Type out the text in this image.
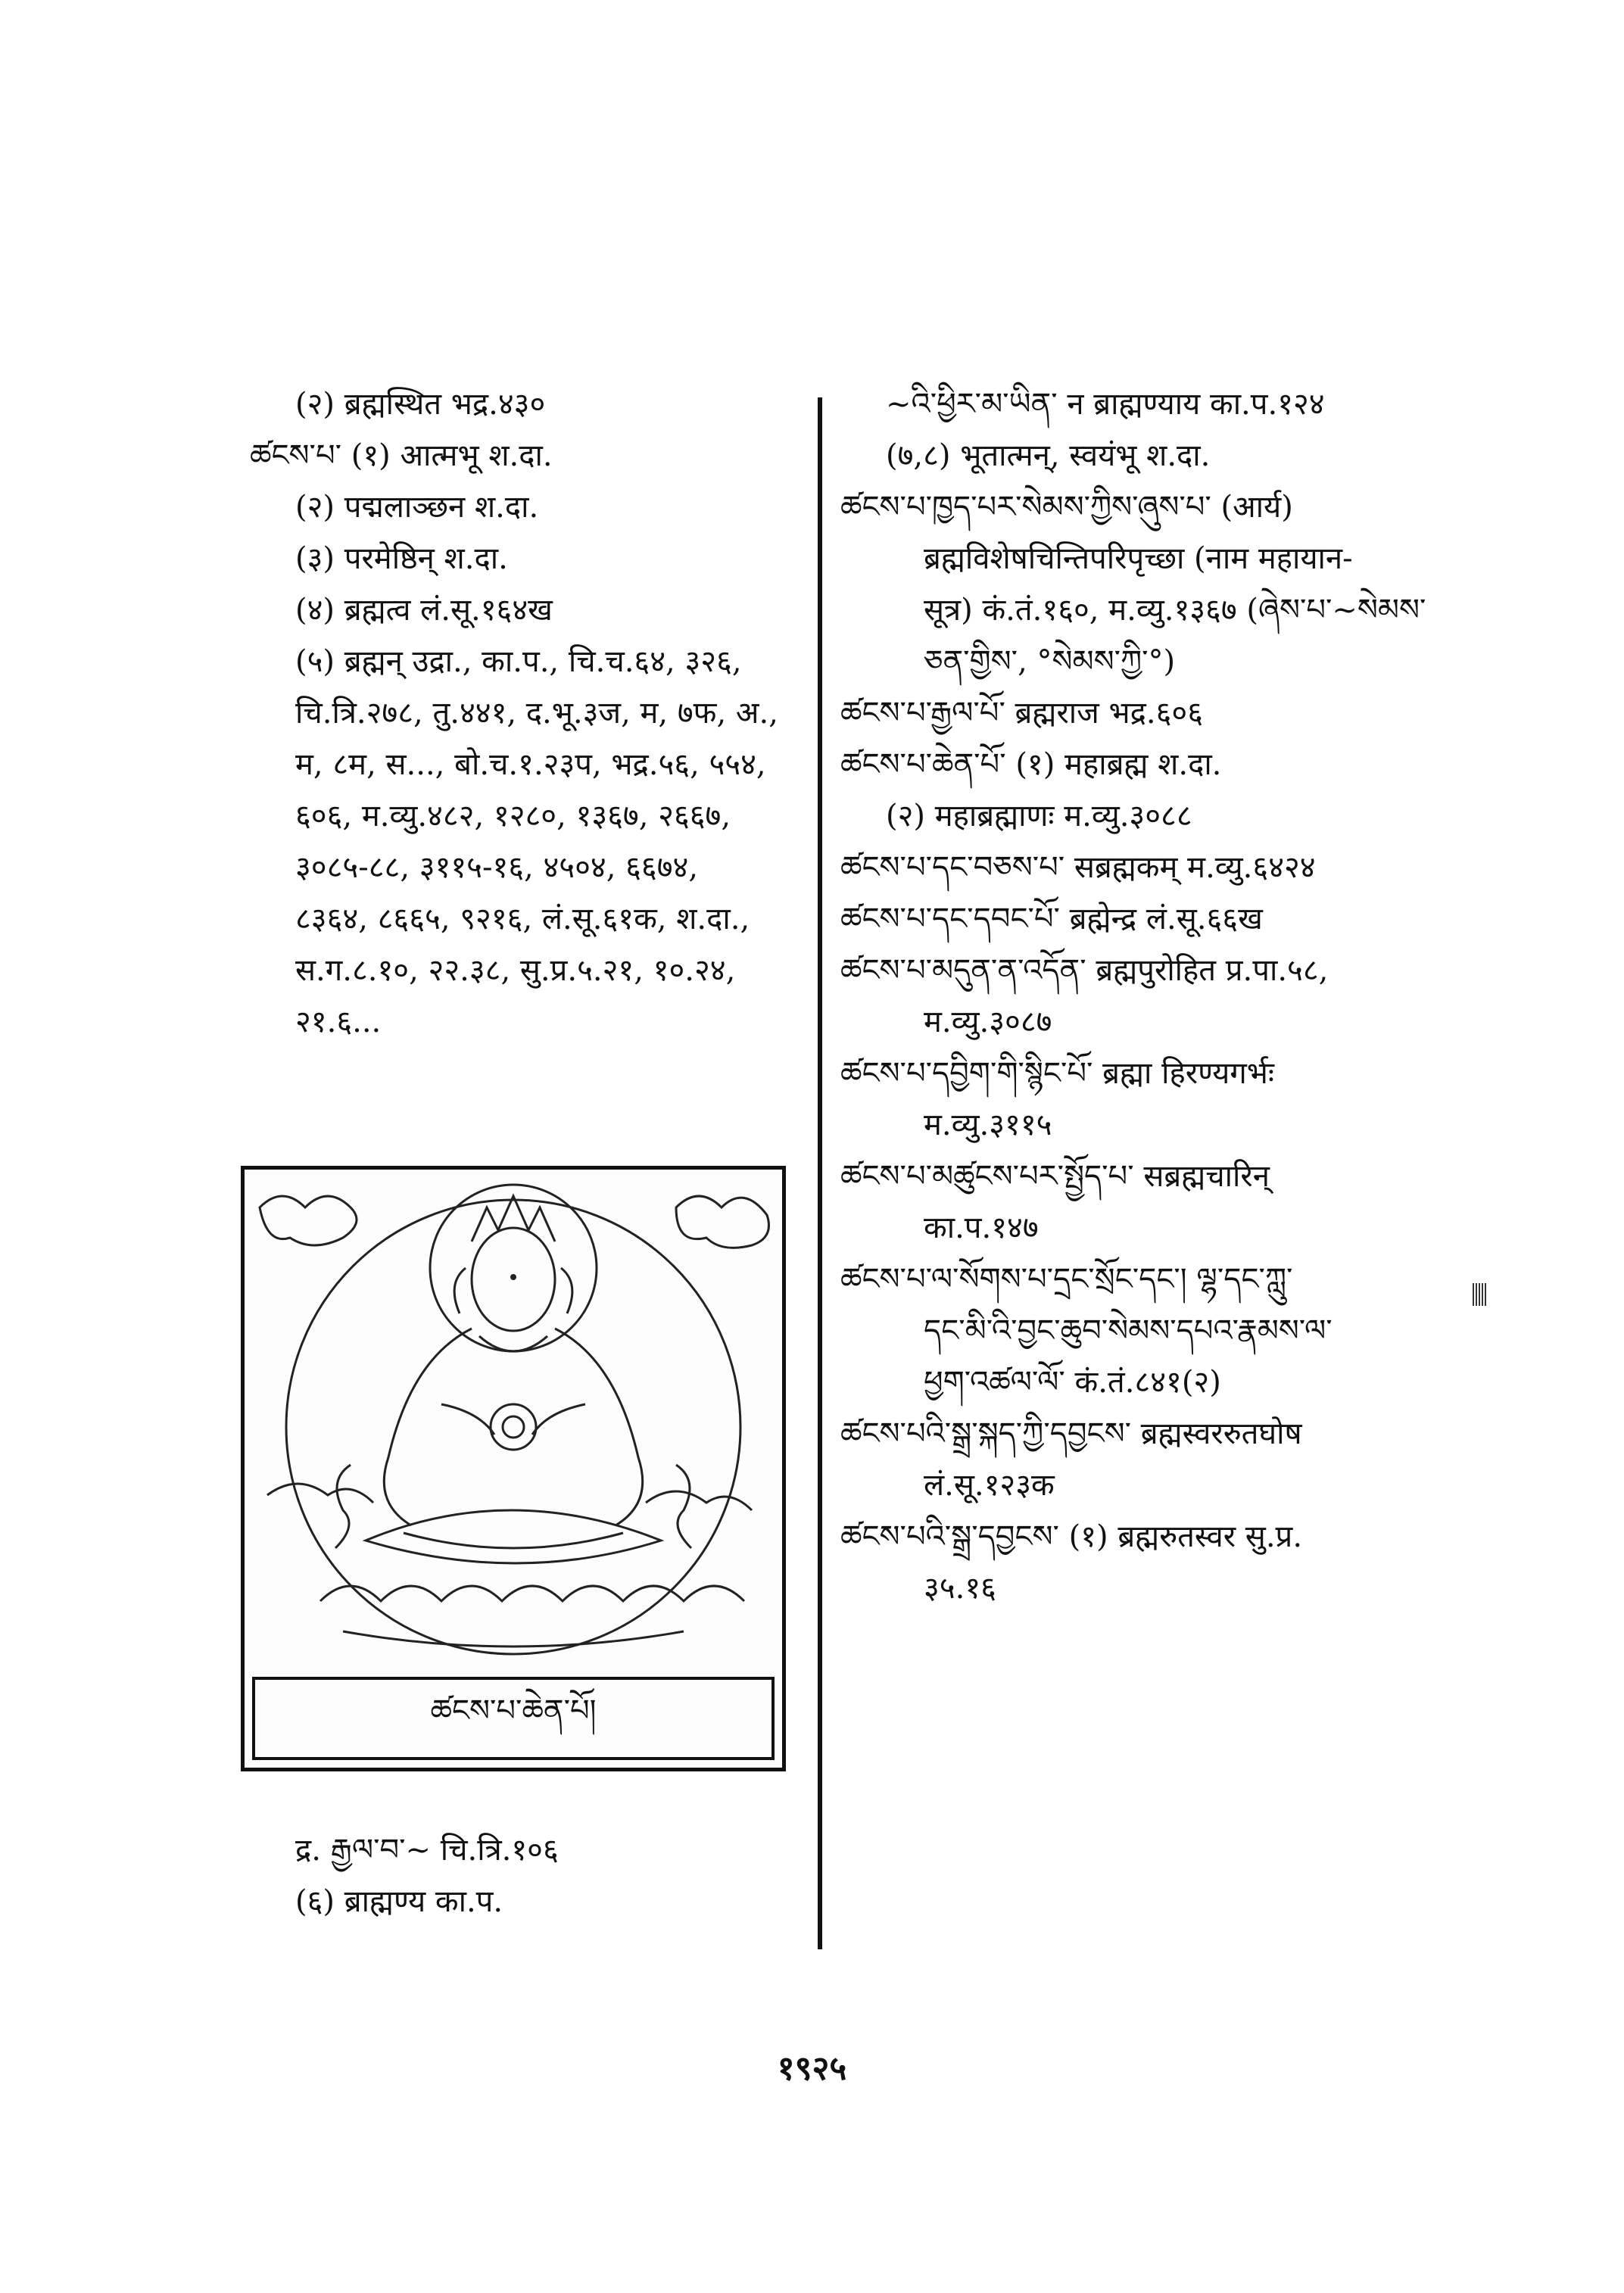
(२) ब्रह्मस्थित भद्र.४३०
ཚངས་པ་ (१) आत्मभू श.दा.
(२) पद्मलाञ्छन श.दा.
(३) परमेष्ठिन् श.दा.
(४) ब्रह्मत्व लं.सू.१६४ख
(५) ब्रह्मन् उद्रा., का.प., चि.च.६४, ३२६,
चि.त्रि.२७८, तु.४४१, द.भू.३ज, म, ७फ, अ.,
म, ८म, स..., बो.च.१.२३प, भद्र.५६, ५५४,
६०६, म.व्यु.४८२, १२८०, १३६७, २६६७,
३०८५-८८, ३११५-१६, ४५०४, ६६७४,
८३६४, ८६६५, ९२१६, लं.सू.६१क, श.दा.,
स.ग.८.१०, २२.३८, सु.प्र.५.२१, १०.२४,
२१.६...
ཚངས་པ་ཆེན་པོ།
द्र. རྒྱལ་བ་~ चि.त्रि.१०६
(६) ब्राह्मण्य का.प.
~འི་ཕྱིར་མ་ཡིན་ न ब्राह्मण्याय का.प.१२४
(७,८) भूतात्मन्, स्वयंभू श.दा.
ཚངས་པ་ཁྱད་པར་སེམས་ཀྱིས་ཞུས་པ་ (आर्य)
ब्रह्मविशेषचिन्तिपरिपृच्छा (नाम महायान-
सूत्र) कं.तं.१६०, म.व्यु.१३६७ (ཞེས་པ་~སེམས་ཅན་གྱིས་, °སེམས་ཀྱི་°)
ཚངས་པ་རྒྱལ་པོ་ ब्रह्मराज भद्र.६०६
ཚངས་པ་ཆེན་པོ་ (१) महाब्रह्म श.दा.
(२) महाब्रह्माणः म.व्यु.३०८८
ཚངས་པ་དང་བཅས་པ་ सब्रह्मकम् म.व्यु.६४२४
ཚངས་པ་དང་དབང་པོ་ ब्रह्मेन्द्र लं.सू.६६ख
ཚངས་པ་མདུན་ན་འདོན་ ब्रह्मपुरोहित प्र.पा.५८,
म.व्यु.३०८७
ཚངས་པ་དབྱིག་གི་སྙིང་པོ་ ब्रह्मा हिरण्यगर्भः
म.व्यु.३११५
ཚངས་པ་མཚུངས་པར་སྤྱོད་པ་ सब्रह्मचारिन्
का.प.१४७
ཚངས་པ་ལ་སོགས་པ་དྲང་སྲོང་དང་། ལྷ་དང་ཀླུ་
དང་མི་འི་བྱང་ཆུབ་སེམས་དཔའ་རྣམས་ལ་
ཕྱག་འཚལ་ལོ་ कं.तं.८४१(२)
ཚངས་པའི་སྒྲ་སྐད་ཀྱི་དབྱངས་ ब्रह्मस्वररुतघोष
लं.सू.१२३क
ཚངས་པའི་སྒྲ་དབྱངས་ (१) ब्रह्मरुतस्वर सु.प्र.
३५.१६
१९२५
